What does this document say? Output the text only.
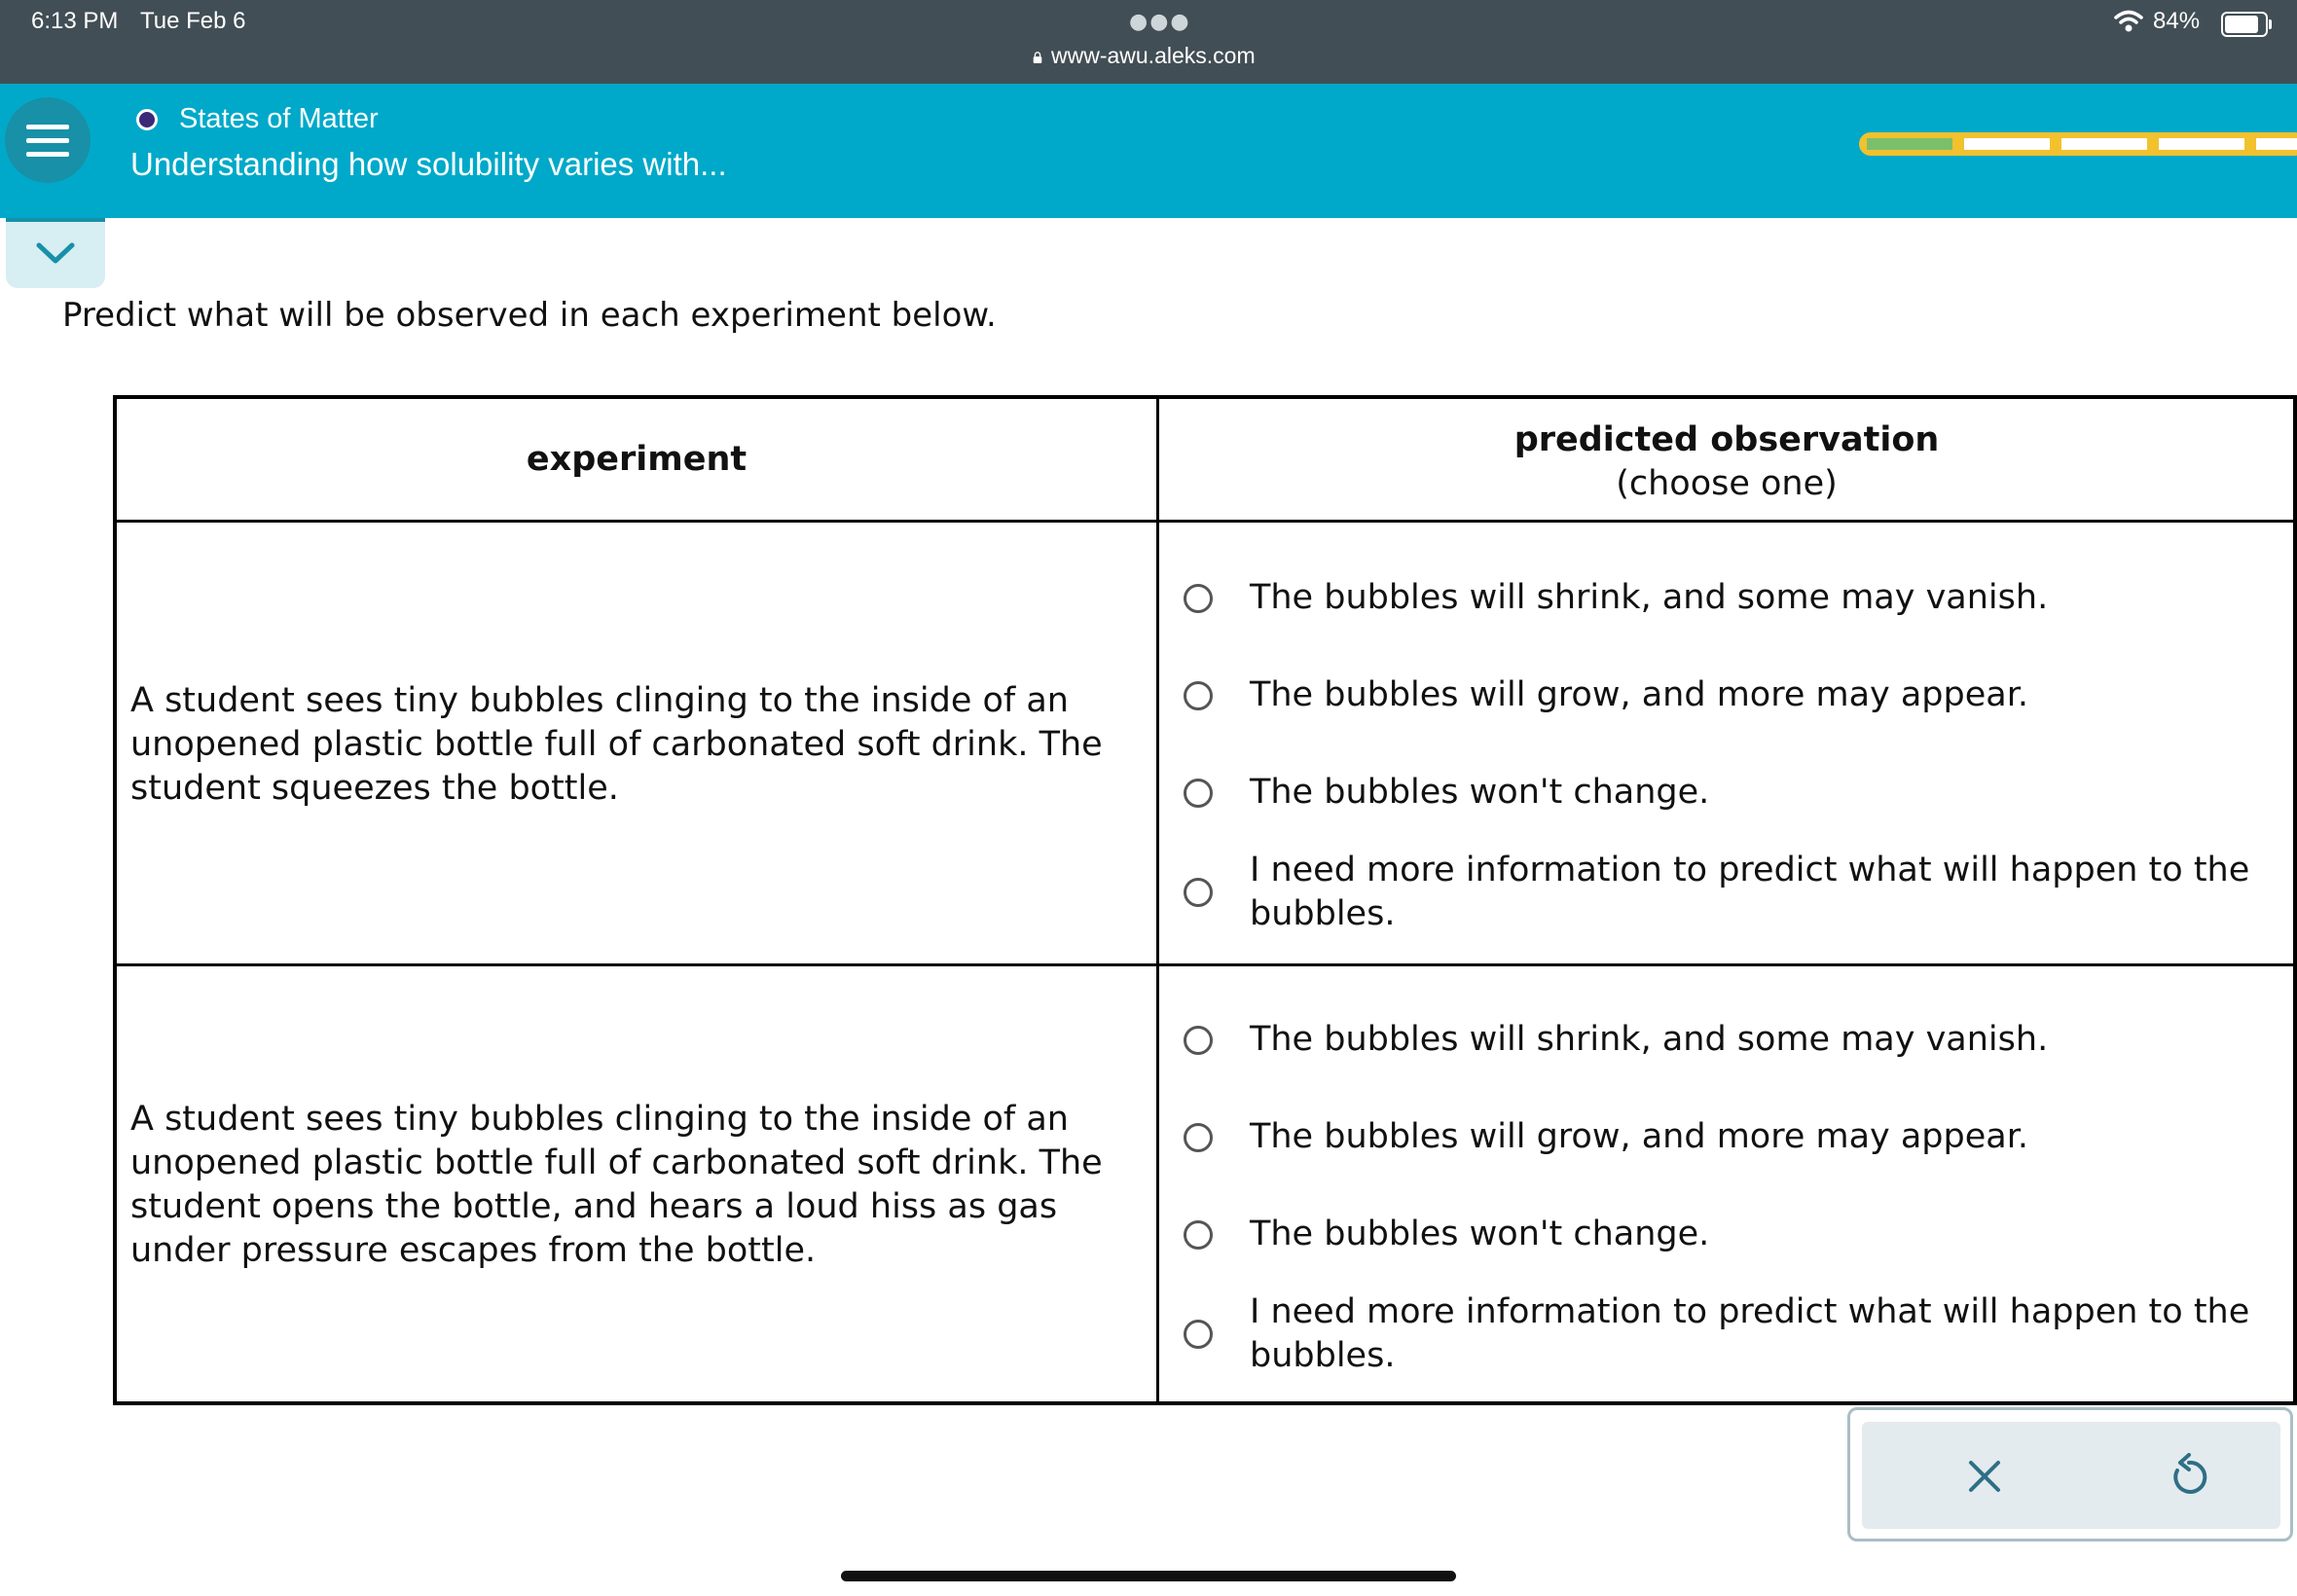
6:13 PM Tue Feb 6	●●●
www-awu.aleks.com
84%
States of Matter
Understanding how solubility varies with...
Predict what will be observed in each experiment below.
experiment	predicted observation
(choose one)
A student sees tiny bubbles clinging to the inside of an unopened plastic bottle full of carbonated soft drink. The student squeezes the bottle.
The bubbles will shrink, and some may vanish.
The bubbles will grow, and more may appear.
The bubbles won't change.
I need more information to predict what will happen to the bubbles.
A student sees tiny bubbles clinging to the inside of an unopened plastic bottle full of carbonated soft drink. The student opens the bottle, and hears a loud hiss as gas under pressure escapes from the bottle.
The bubbles will shrink, and some may vanish.
The bubbles will grow, and more may appear.
The bubbles won't change.
I need more information to predict what will happen to the bubbles.
